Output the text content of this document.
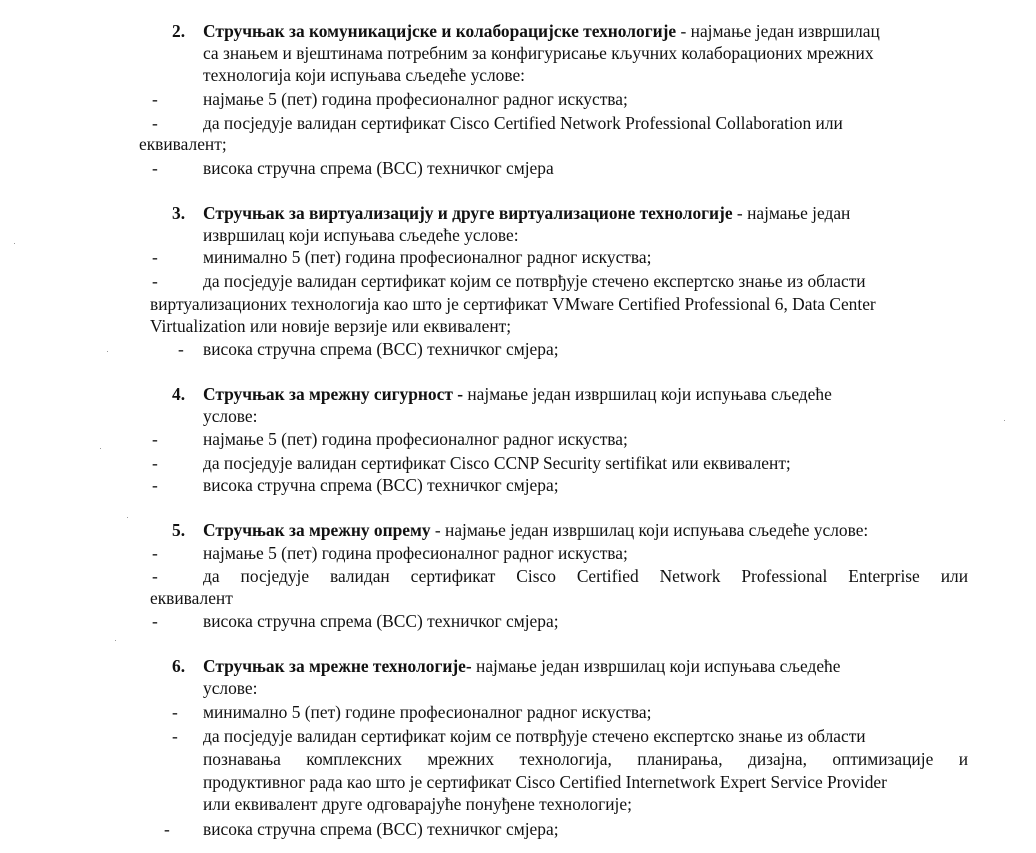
2. Стручњак за комуникацијске и колаборацијске технологије - најмање један извршилац
са знањем и вјештинама потребним за конфигурисање кључних колаборационих мрежних
технологија који испуњава сљедеће услове:
-	најмање 5 (пет) година професионалног радног искуства;
-	да посједује валидан сертификат Cisco Certified Network Professional Collaboration или
еквивалент;
-	висока стручна спрема (ВСС) техничког смјера
3. Стручњак за виртуализацију и друге виртуализационе технологије - најмање један
извршилац који испуњава сљедеће услове:
-	минимално 5 (пет) година професионалног радног искуства;
-	да посједује валидан сертификат којим се потврђује стечено експертско знање из области
виртуализационих технологија као што је сертификат VMware Certified Professional 6, Data Center
Virtualization или новије верзије или еквивалент;
- висока стручна спрема (ВСС) техничког смјера;
4. Стручњак за мрежну сигурност - најмање један извршилац који испуњава сљедеће
услове:
-	најмање 5 (пет) година професионалног радног искуства;
-	да посједује валидан сертификат Cisco CCNP Security sertifikat или еквивалент;
-	висока стручна спрема (ВСС) техничког смјера;
5. Стручњак за мрежну опрему - најмање један извршилац који испуњава сљедеће услове:
-	најмање 5 (пет) година професионалног радног искуства;
-	да посједује валидан сертификат Cisco Certified Network Professional Enterprise или
еквивалент
-	висока стручна спрема (ВСС) техничког смјера;
6. Стручњак за мрежне технологије- најмање један извршилац који испуњава сљедеће
услове:
- минимално 5 (пет) године професионалног радног искуства;
- да посједује валидан сертификат којим се потврђује стечено експертско знање из области
познавања комплексних мрежних технологија, планирања, дизајна, оптимизације и
продуктивног рада као што је сертификат Cisco Certified Internetwork Expert Service Provider
или еквивалент друге одговарајуће понуђене технологије;
- висока стручна спрема (ВСС) техничког смјера;
